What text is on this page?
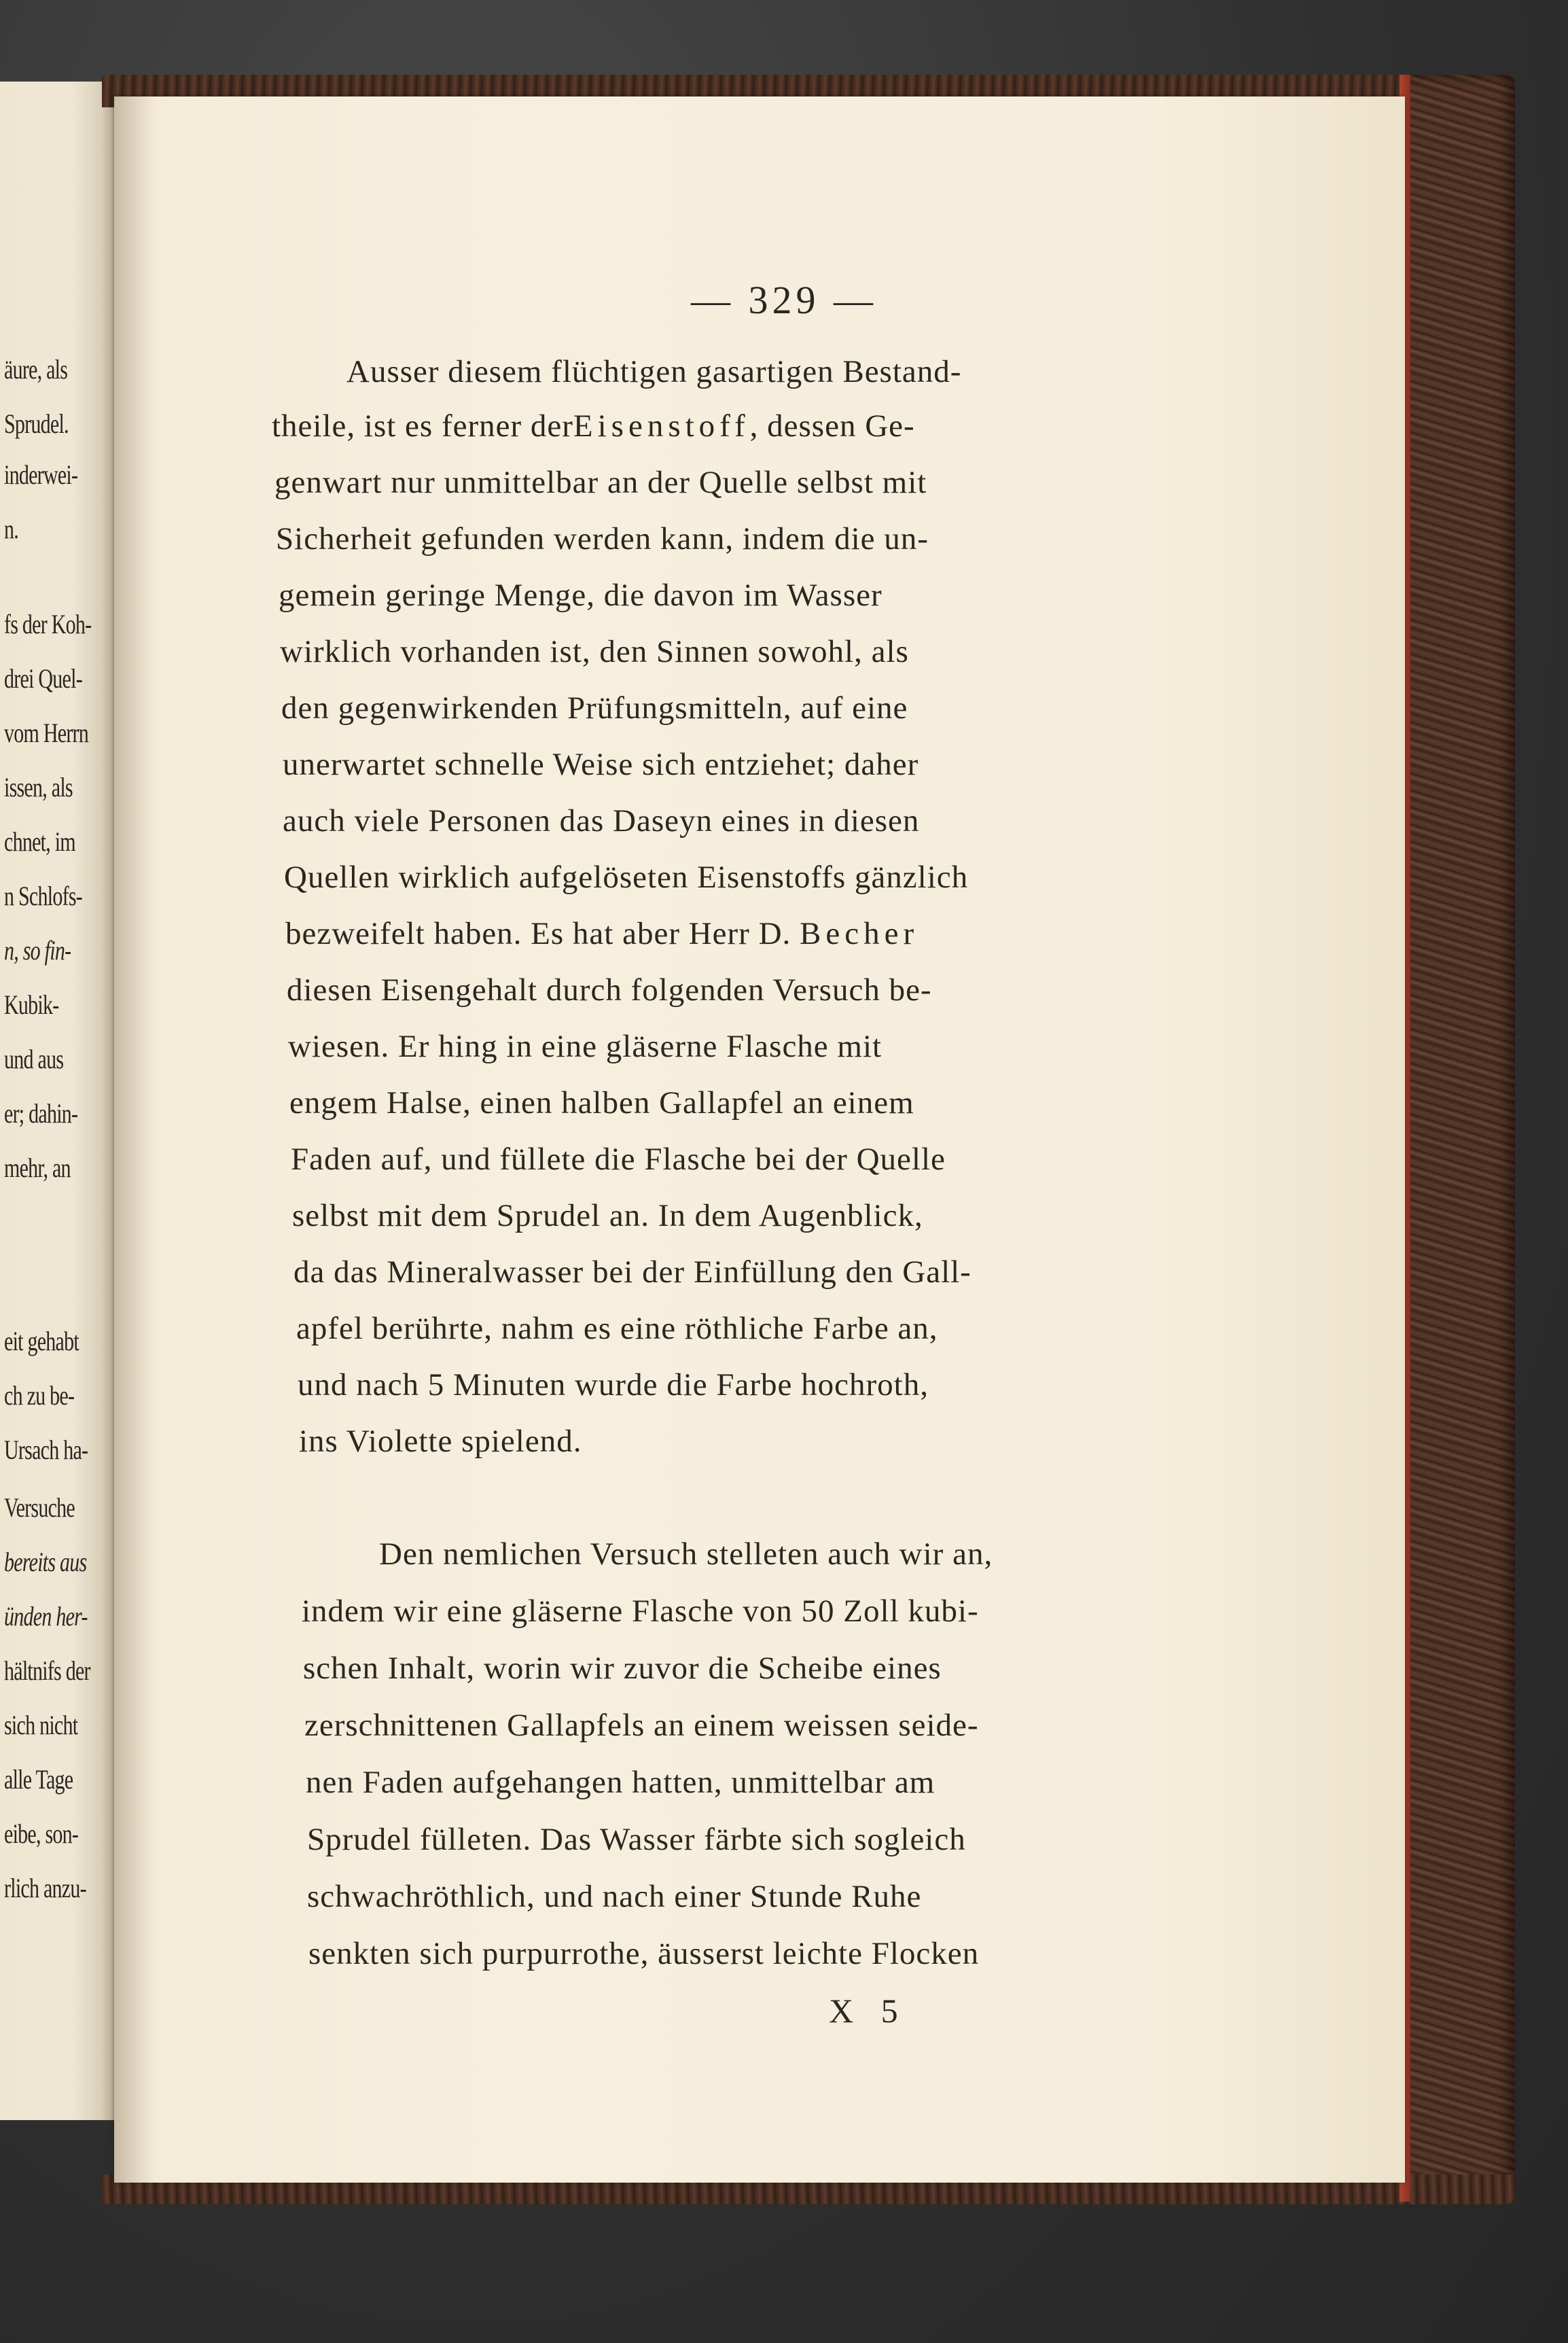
äure, als
Sprudel.
inderwei-
n.
fs der Koh-
drei Quel-
vom Herrn
issen, als
chnet, im
n Schlofs-
n, so fin-
Kubik-
und aus
er; dahin-
mehr, an
eit gehabt
ch zu be-
Ursach ha-
Versuche
bereits aus
ünden her-
hältnifs der
sich nicht
alle Tage
eibe, son-
rlich anzu-
— 329 —
Ausser diesem flüchtigen gasartigen Bestand-
theile, ist es ferner derEisenstoff, dessen Ge-
genwart nur unmittelbar an der Quelle selbst mit
Sicherheit gefunden werden kann, indem die un-
gemein geringe Menge, die davon im Wasser
wirklich vorhanden ist, den Sinnen sowohl, als
den gegenwirkenden Prüfungsmitteln, auf eine
unerwartet schnelle Weise sich entziehet; daher
auch viele Personen das Daseyn eines in diesen
Quellen wirklich aufgelöseten Eisenstoffs gänzlich
bezweifelt haben. Es hat aber Herr D. Becher
diesen Eisengehalt durch folgenden Versuch be-
wiesen. Er hing in eine gläserne Flasche mit
engem Halse, einen halben Gallapfel an einem
Faden auf, und füllete die Flasche bei der Quelle
selbst mit dem Sprudel an. In dem Augenblick,
da das Mineralwasser bei der Einfüllung den Gall-
apfel berührte, nahm es eine röthliche Farbe an,
und nach 5 Minuten wurde die Farbe hochroth,
ins Violette spielend.
Den nemlichen Versuch stelleten auch wir an,
indem wir eine gläserne Flasche von 50 Zoll kubi-
schen Inhalt, worin wir zuvor die Scheibe eines
zerschnittenen Gallapfels an einem weissen seide-
nen Faden aufgehangen hatten, unmittelbar am
Sprudel fülleten. Das Wasser färbte sich sogleich
schwachröthlich, und nach einer Stunde Ruhe
senkten sich purpurrothe, äusserst leichte Flocken
X 5
